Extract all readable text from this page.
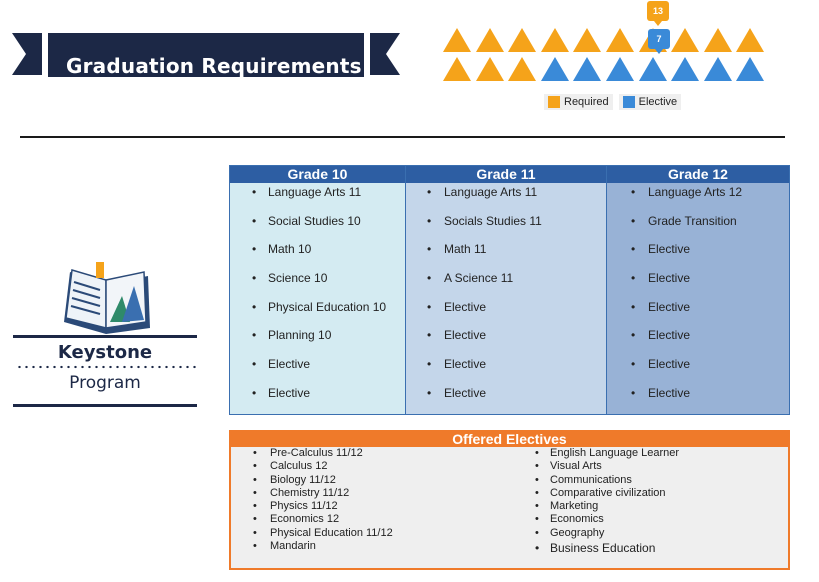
Graduation Requirements
13
7
Required	Elective
Keystone
Program
Grade 10
• Language Arts 11
• Social Studies 10
• Math 10
• Science 10
• Physical Education 10
• Planning 10
• Elective
• Elective
Grade 11
• Language Arts 11
• Socials Studies 11
• Math 11
• A Science 11
• Elective
• Elective
• Elective
• Elective
Grade 12
• Language Arts 12
• Grade Transition
• Elective
• Elective
• Elective
• Elective
• Elective
• Elective
Offered Electives
• Pre-Calculus 11/12
• Calculus 12
• Biology 11/12
• Chemistry 11/12
• Physics 11/12
• Economics 12
• Physical Education 11/12
• Mandarin
• English Language Learner
• Visual Arts
• Communications
• Comparative civilization
• Marketing
• Economics
• Geography
• Business Education
